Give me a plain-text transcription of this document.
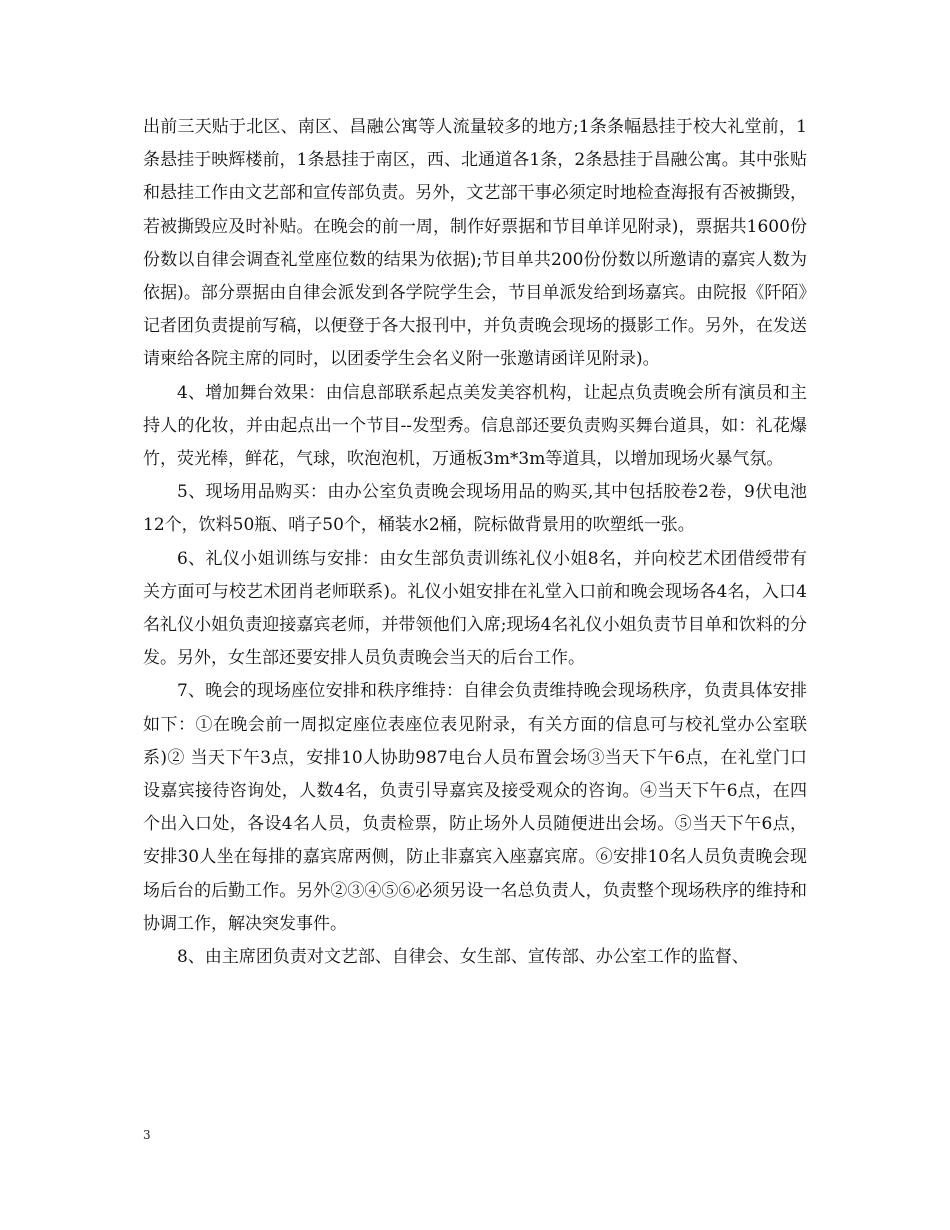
出前三天贴于北区、南区、昌融公寓等人流量较多的地方;1条条幅悬挂于校大礼堂前，1条悬挂于映辉楼前，1条悬挂于南区，西、北通道各1条，2条悬挂于昌融公寓。其中张贴和悬挂工作由文艺部和宣传部负责。另外，文艺部干事必须定时地检查海报有否被撕毁，若被撕毁应及时补贴。在晚会的前一周，制作好票据和节目单详见附录)，票据共1600份份数以自律会调查礼堂座位数的结果为依据);节目单共200份份数以所邀请的嘉宾人数为依据)。部分票据由自律会派发到各学院学生会，节目单派发给到场嘉宾。由院报《阡陌》记者团负责提前写稿，以便登于各大报刊中，并负责晚会现场的摄影工作。另外，在发送请柬给各院主席的同时，以团委学生会名义附一张邀请函详见附录)。

4、增加舞台效果：由信息部联系起点美发美容机构，让起点负责晚会所有演员和主持人的化妆，并由起点出一个节目--发型秀。信息部还要负责购买舞台道具，如：礼花爆竹，荧光棒，鲜花，气球，吹泡泡机，万通板3m*3m等道具，以增加现场火暴气氛。

5、现场用品购买：由办公室负责晚会现场用品的购买,其中包括胶卷2卷，9伏电池12个，饮料50瓶、哨子50个，桶装水2桶，院标做背景用的吹塑纸一张。

6、礼仪小姐训练与安排：由女生部负责训练礼仪小姐8名，并向校艺术团借绶带有关方面可与校艺术团肖老师联系)。礼仪小姐安排在礼堂入口前和晚会现场各4名，入口4名礼仪小姐负责迎接嘉宾老师，并带领他们入席;现场4名礼仪小姐负责节目单和饮料的分发。另外，女生部还要安排人员负责晚会当天的后台工作。

7、晚会的现场座位安排和秩序维持：自律会负责维持晚会现场秩序，负责具体安排如下：①在晚会前一周拟定座位表座位表见附录，有关方面的信息可与校礼堂办公室联系)② 当天下午3点，安排10人协助987电台人员布置会场③当天下午6点，在礼堂门口设嘉宾接待咨询处，人数4名，负责引导嘉宾及接受观众的咨询。④当天下午6点，在四个出入口处，各设4名人员，负责检票，防止场外人员随便进出会场。⑤当天下午6点，安排30人坐在每排的嘉宾席两侧，防止非嘉宾入座嘉宾席。⑥安排10名人员负责晚会现场后台的后勤工作。另外②③④⑤⑥必须另设一名总负责人，负责整个现场秩序的维持和协调工作，解决突发事件。

8、由主席团负责对文艺部、自律会、女生部、宣传部、办公室工作的监督、

3
